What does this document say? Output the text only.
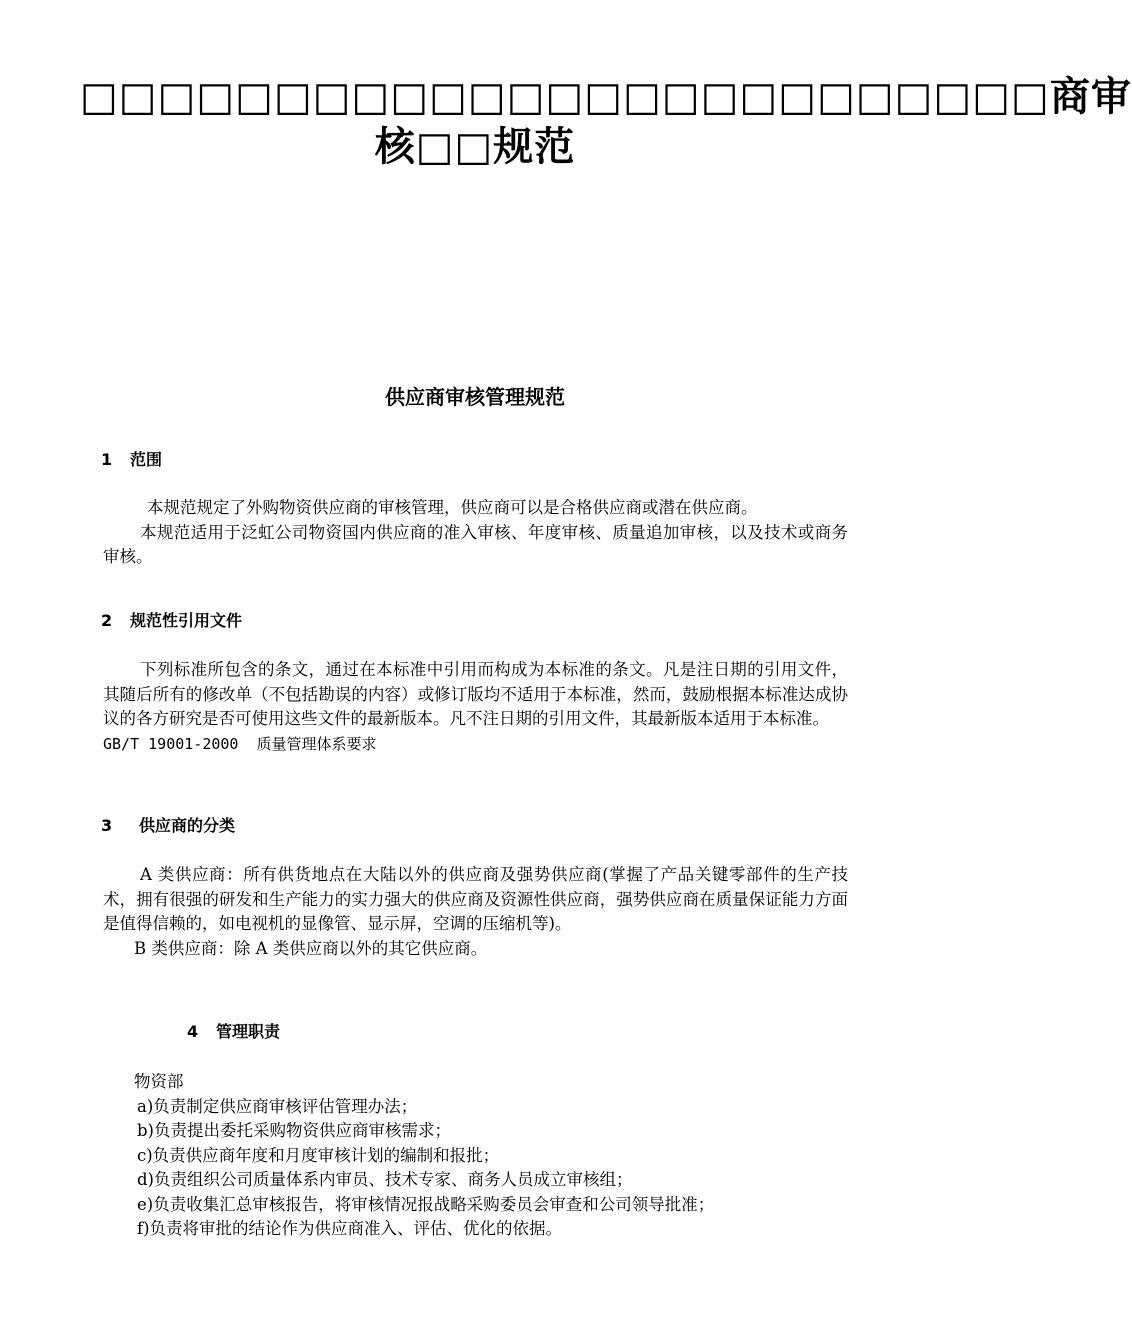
□□□□□□□□□□□□□□□□□□□□□□□□□商审
核□□规范
供应商审核管理规范
1 范围
本规范规定了外购物资供应商的审核管理，供应商可以是合格供应商或潜在供应商。
本规范适用于泛虹公司物资国内供应商的准入审核、年度审核、质量追加审核，以及技术或商务审核。
2 规范性引用文件
下列标准所包含的条文，通过在本标准中引用而构成为本标准的条文。凡是注日期的引用文件，其随后所有的修改单（不包括勘误的内容）或修订版均不适用于本标准，然而，鼓励根据本标准达成协议的各方研究是否可使用这些文件的最新版本。凡不注日期的引用文件，其最新版本适用于本标准。
GB/T 19001-2000  质量管理体系要求
3 供应商的分类
A 类供应商：所有供货地点在大陆以外的供应商及强势供应商(掌握了产品关键零部件的生产技术，拥有很强的研发和生产能力的实力强大的供应商及资源性供应商，强势供应商在质量保证能力方面是值得信赖的，如电视机的显像管、显示屏，空调的压缩机等)。
B 类供应商：除 A 类供应商以外的其它供应商。
4 管理职责
物资部
a)负责制定供应商审核评估管理办法；
b)负责提出委托采购物资供应商审核需求；
c)负责供应商年度和月度审核计划的编制和报批；
d)负责组织公司质量体系内审员、技术专家、商务人员成立审核组；
e)负责收集汇总审核报告，将审核情况报战略采购委员会审查和公司领导批准；
f)负责将审批的结论作为供应商准入、评估、优化的依据。
